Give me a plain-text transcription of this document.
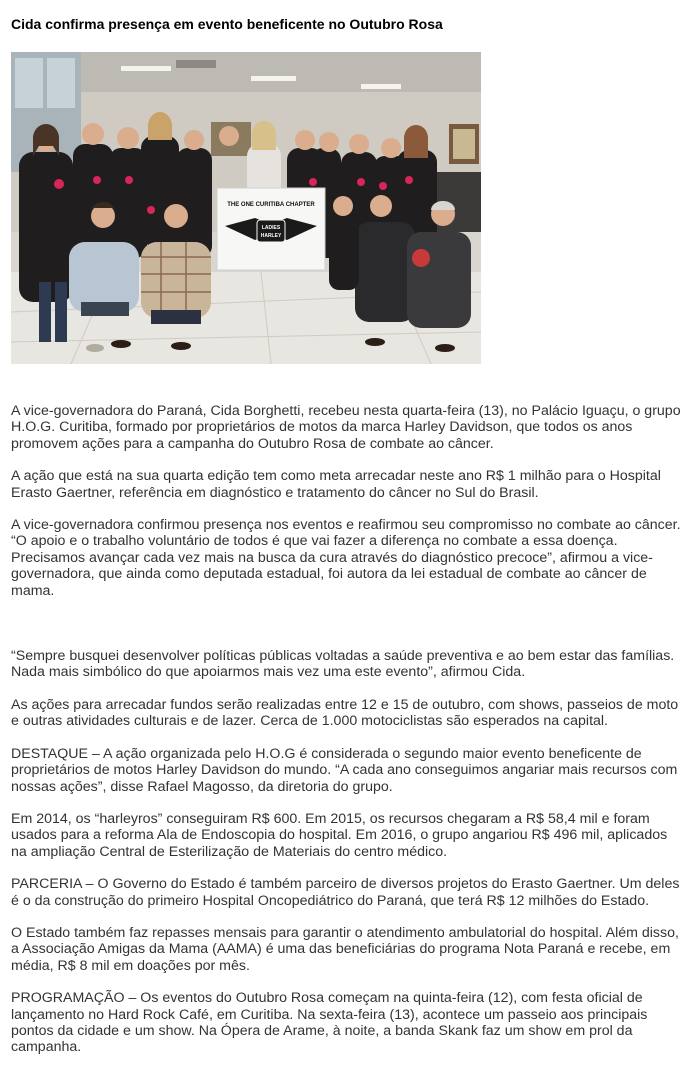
Cida confirma presença em evento beneficente no Outubro Rosa
THE ONE CURITIBA CHAPTER
LADIES
HARLEY

A vice-governadora do Paraná, Cida Borghetti, recebeu nesta quarta-feira (13), no Palácio Iguaçu, o grupo H.O.G. Curitiba, formado por proprietários de motos da marca Harley Davidson, que todos os anos promovem ações para a campanha do Outubro Rosa de combate ao câncer.

A ação que está na sua quarta edição tem como meta arrecadar neste ano R$ 1 milhão para o Hospital Erasto Gaertner, referência em diagnóstico e tratamento do câncer no Sul do Brasil.

A vice-governadora confirmou presença nos eventos e reafirmou seu compromisso no combate ao câncer. “O apoio e o trabalho voluntário de todos é que vai fazer a diferença no combate a essa doença. Precisamos avançar cada vez mais na busca da cura através do diagnóstico precoce”, afirmou a vice-governadora, que ainda como deputada estadual, foi autora da lei estadual de combate ao câncer de mama.

“Sempre busquei desenvolver políticas públicas voltadas a saúde preventiva e ao bem estar das famílias. Nada mais simbólico do que apoiarmos mais vez uma este evento”, afirmou Cida.

As ações para arrecadar fundos serão realizadas entre 12 e 15 de outubro, com shows, passeios de moto e outras atividades culturais e de lazer. Cerca de 1.000 motociclistas são esperados na capital.

DESTAQUE – A ação organizada pelo H.O.G é considerada o segundo maior evento beneficente de proprietários de motos Harley Davidson do mundo. “A cada ano conseguimos angariar mais recursos com nossas ações”, disse Rafael Magosso, da diretoria do grupo.

Em 2014, os “harleyros” conseguiram R$ 600. Em 2015, os recursos chegaram a R$ 58,4 mil e foram usados para a reforma Ala de Endoscopia do hospital. Em 2016, o grupo angariou R$ 496 mil, aplicados na ampliação Central de Esterilização de Materiais do centro médico.

PARCERIA – O Governo do Estado é também parceiro de diversos projetos do Erasto Gaertner. Um deles é o da construção do primeiro Hospital Oncopediátrico do Paraná, que terá R$ 12 milhões do Estado.

O Estado também faz repasses mensais para garantir o atendimento ambulatorial do hospital. Além disso, a Associação Amigas da Mama (AAMA) é uma das beneficiárias do programa Nota Paraná e recebe, em média, R$ 8 mil em doações por mês.

PROGRAMAÇÃO – Os eventos do Outubro Rosa começam na quinta-feira (12), com festa oficial de lançamento no Hard Rock Café, em Curitiba. Na sexta-feira (13), acontece um passeio aos principais pontos da cidade e um show. Na Ópera de Arame, à noite, a banda Skank faz um show em prol da campanha.
